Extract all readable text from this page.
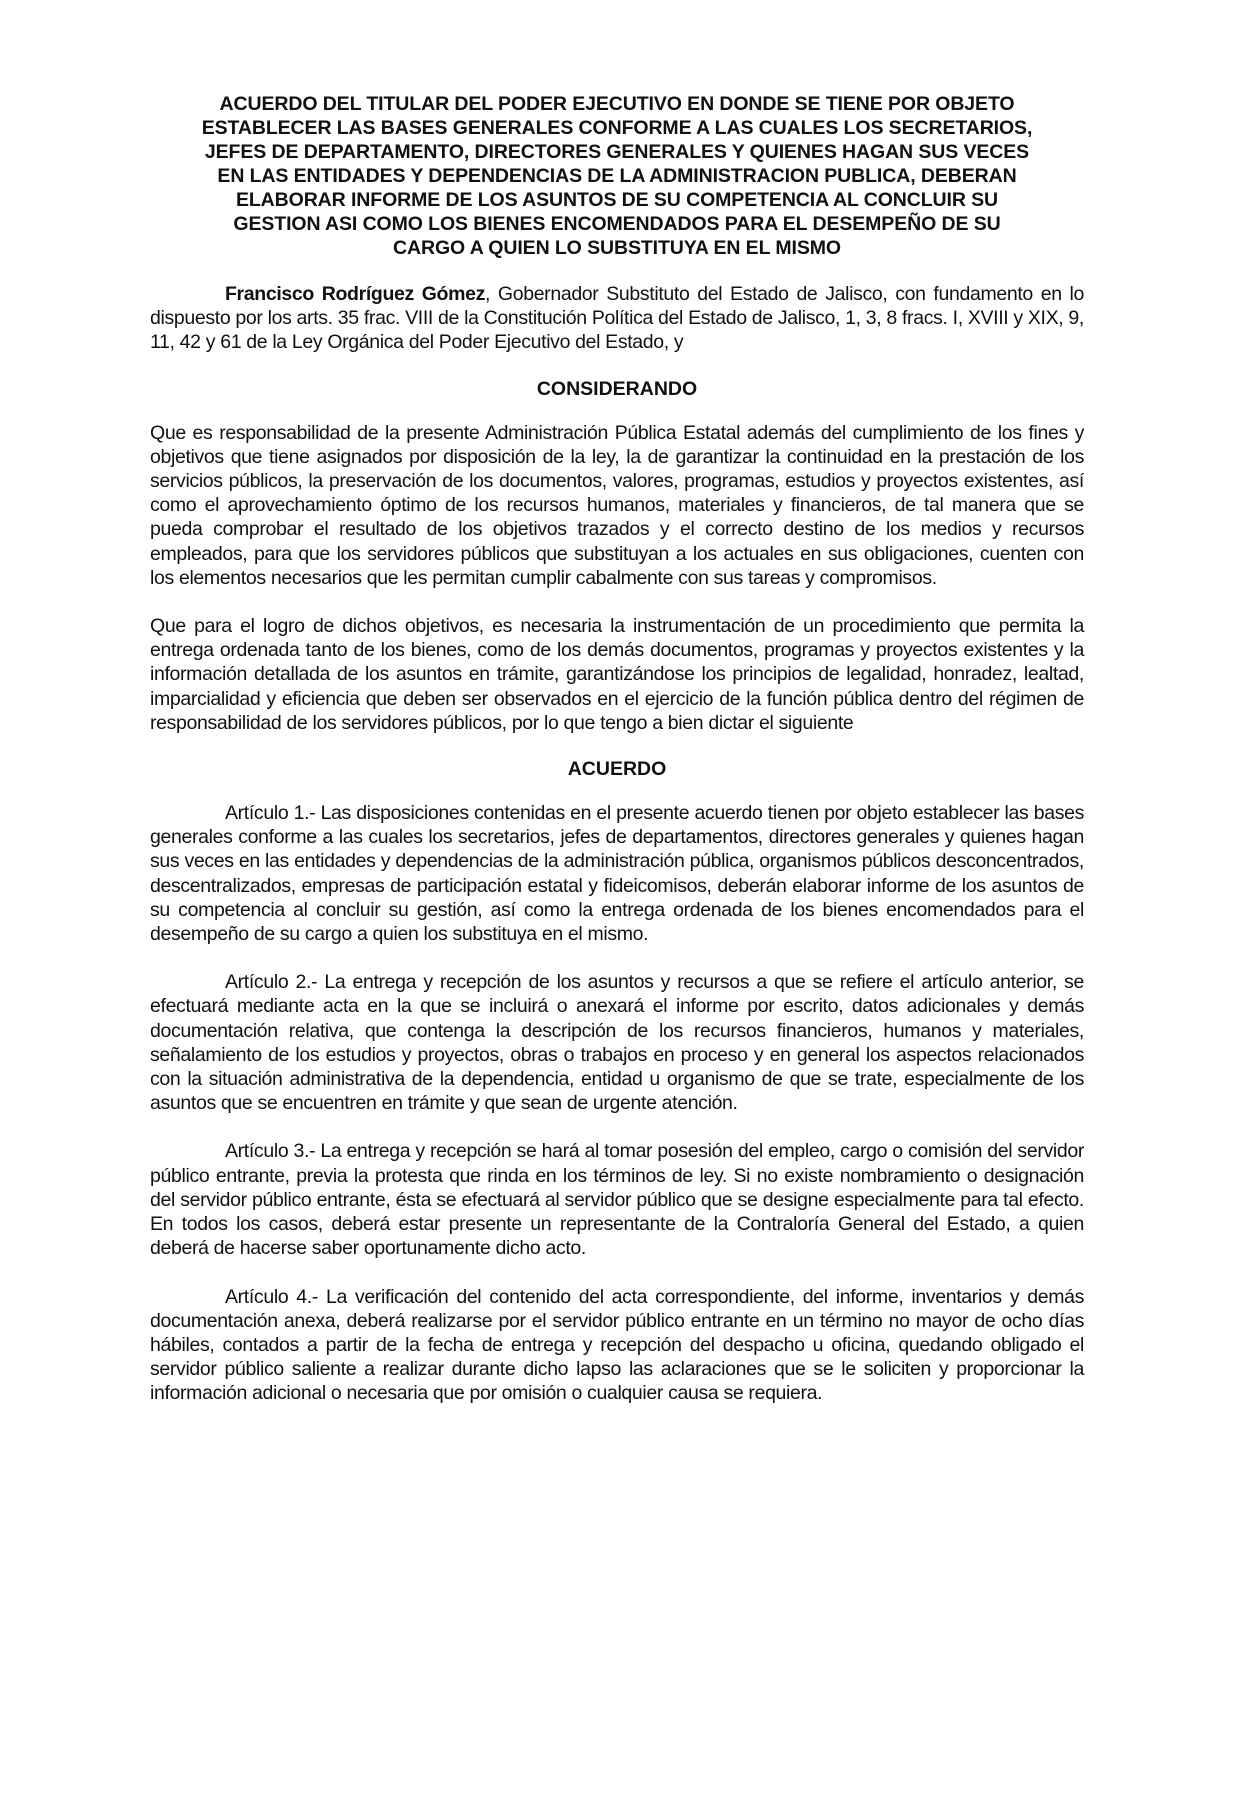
ACUERDO DEL TITULAR DEL PODER EJECUTIVO EN DONDE SE TIENE POR OBJETO ESTABLECER LAS BASES GENERALES CONFORME A LAS CUALES LOS SECRETARIOS, JEFES DE DEPARTAMENTO, DIRECTORES GENERALES Y QUIENES HAGAN SUS VECES EN LAS ENTIDADES Y DEPENDENCIAS DE LA ADMINISTRACION PUBLICA, DEBERAN ELABORAR INFORME DE LOS ASUNTOS DE SU COMPETENCIA AL CONCLUIR SU GESTION ASI COMO LOS BIENES ENCOMENDADOS PARA EL DESEMPEÑO DE SU CARGO A QUIEN LO SUBSTITUYA EN EL MISMO

Francisco Rodríguez Gómez, Gobernador Substituto del Estado de Jalisco, con fundamento en lo dispuesto por los arts. 35 frac. VIII de la Constitución Política del Estado de Jalisco, 1, 3, 8 fracs. I, XVIII y XIX, 9, 11, 42 y 61 de la Ley Orgánica del Poder Ejecutivo del Estado, y

CONSIDERANDO

Que es responsabilidad de la presente Administración Pública Estatal además del cumplimiento de los fines y objetivos que tiene asignados por disposición de la ley, la de garantizar la continuidad en la prestación de los servicios públicos, la preservación de los documentos, valores, programas, estudios y proyectos existentes, así como el aprovechamiento óptimo de los recursos humanos, materiales y financieros, de tal manera que se pueda comprobar el resultado de los objetivos trazados y el correcto destino de los medios y recursos empleados, para que los servidores públicos que substituyan a los actuales en sus obligaciones, cuenten con los elementos necesarios que les permitan cumplir cabalmente con sus tareas y compromisos.

Que para el logro de dichos objetivos, es necesaria la instrumentación de un procedimiento que permita la entrega ordenada tanto de los bienes, como de los demás documentos, programas y proyectos existentes y la información detallada de los asuntos en trámite, garantizándose los principios de legalidad, honradez, lealtad, imparcialidad y eficiencia que deben ser observados en el ejercicio de la función pública dentro del régimen de responsabilidad de los servidores públicos, por lo que tengo a bien dictar el siguiente

ACUERDO

Artículo 1.- Las disposiciones contenidas en el presente acuerdo tienen por objeto establecer las bases generales conforme a las cuales los secretarios, jefes de departamentos, directores generales y quienes hagan sus veces en las entidades y dependencias de la administración pública, organismos públicos desconcentrados, descentralizados, empresas de participación estatal y fideicomisos, deberán elaborar informe de los asuntos de su competencia al concluir su gestión, así como la entrega ordenada de los bienes encomendados para el desempeño de su cargo a quien los substituya en el mismo.

Artículo 2.- La entrega y recepción de los asuntos y recursos a que se refiere el artículo anterior, se efectuará mediante acta en la que se incluirá o anexará el informe por escrito, datos adicionales y demás documentación relativa, que contenga la descripción de los recursos financieros, humanos y materiales, señalamiento de los estudios y proyectos, obras o trabajos en proceso y en general los aspectos relacionados con la situación administrativa de la dependencia, entidad u organismo de que se trate, especialmente de los asuntos que se encuentren en trámite y que sean de urgente atención.

Artículo 3.- La entrega y recepción se hará al tomar posesión del empleo, cargo o comisión del servidor público entrante, previa la protesta que rinda en los términos de ley. Si no existe nombramiento o designación del servidor público entrante, ésta se efectuará al servidor público que se designe especialmente para tal efecto. En todos los casos, deberá estar presente un representante de la Contraloría General del Estado, a quien deberá de hacerse saber oportunamente dicho acto.

Artículo 4.- La verificación del contenido del acta correspondiente, del informe, inventarios y demás documentación anexa, deberá realizarse por el servidor público entrante en un término no mayor de ocho días hábiles, contados a partir de la fecha de entrega y recepción del despacho u oficina, quedando obligado el servidor público saliente a realizar durante dicho lapso las aclaraciones que se le soliciten y proporcionar la información adicional o necesaria que por omisión o cualquier causa se requiera.
